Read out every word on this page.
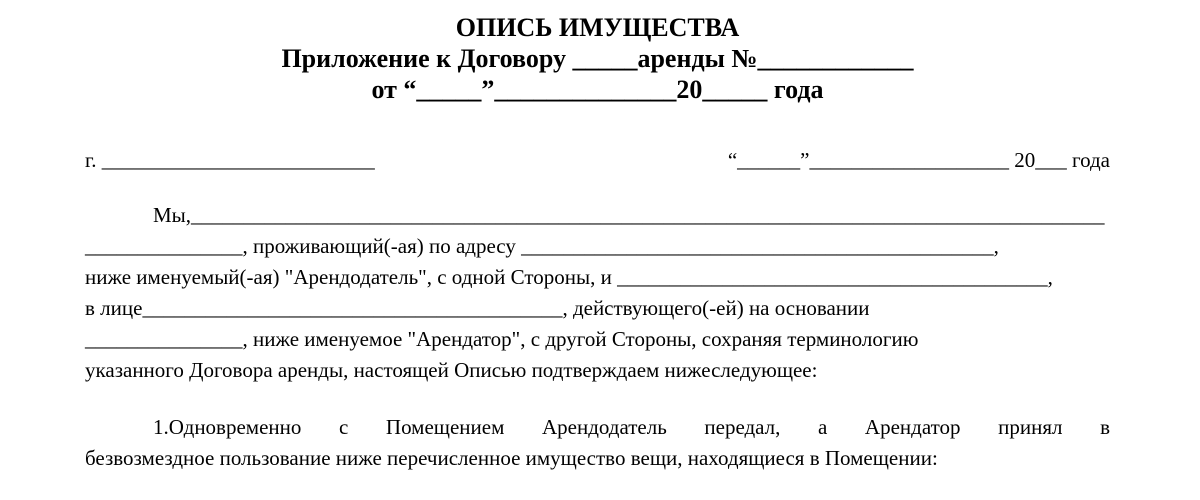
ОПИСЬ ИМУЩЕСТВА
Приложение к Договору _____аренды №____________
от “_____”______________20_____ года
г. __________________________	“______”___________________ 20___ года
Мы,_______________________________________________________________________________________
_______________, проживающий(-ая) по адресу _____________________________________________,
ниже именуемый(-ая) "Арендодатель", с одной Стороны, и _________________________________________,
в лице________________________________________, действующего(-ей) на основании
_______________, ниже именуемое "Арендатор", с другой Стороны, сохраняя терминологию
указанного Договора аренды, настоящей Описью подтверждаем нижеследующее:
1.Одновременно с Помещением Арендодатель передал, а Арендатор принял в
безвозмездное пользование ниже перечисленное имущество вещи, находящиеся в Помещении:
